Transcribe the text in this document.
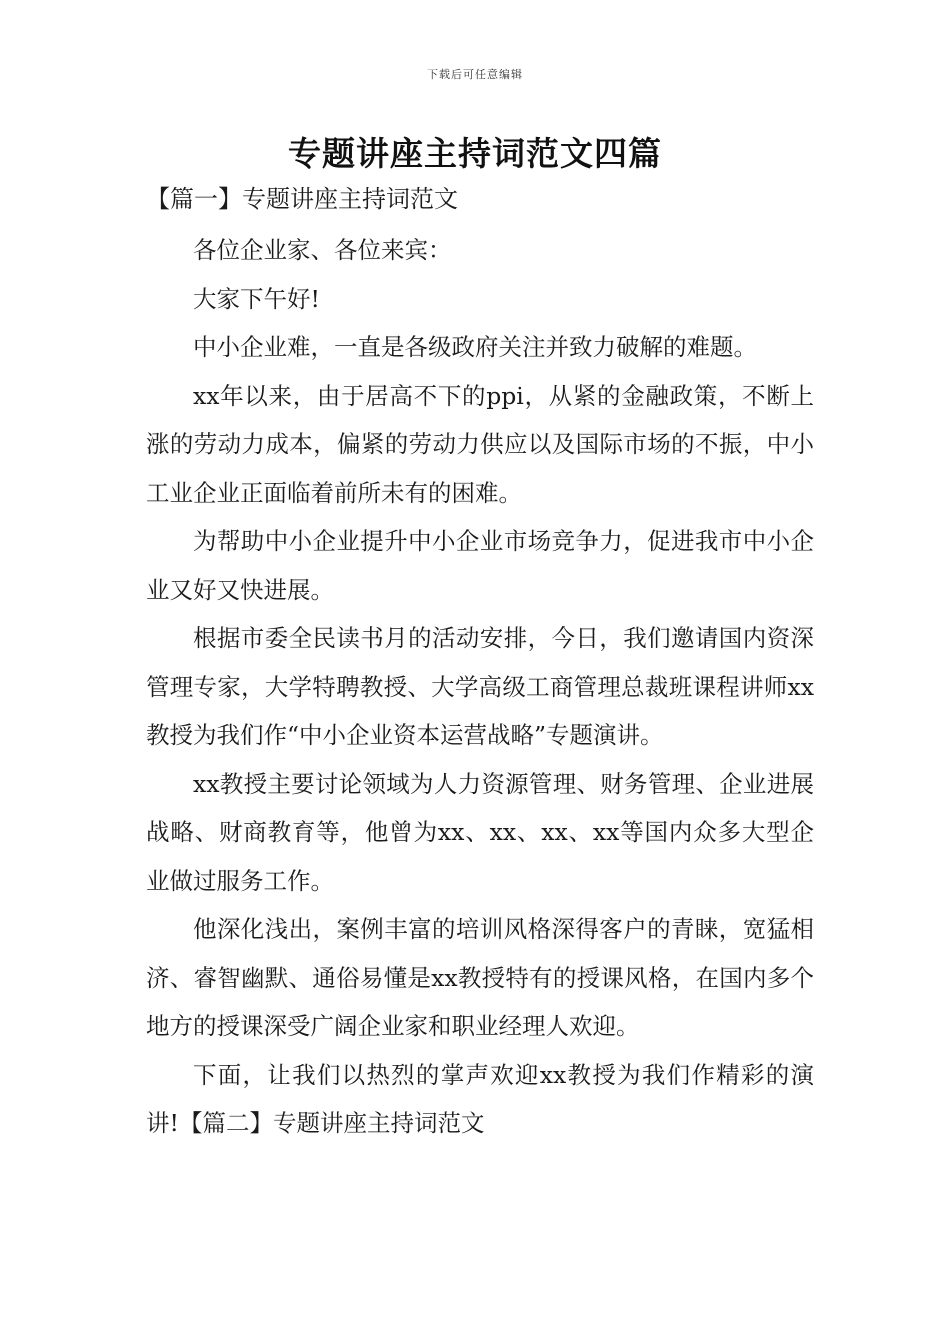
下载后可任意编辑
专题讲座主持词范文四篇
【篇一】专题讲座主持词范文

各位企业家、各位来宾：

大家下午好!

中小企业难，一直是各级政府关注并致力破解的难题。

xx年以来，由于居高不下的ppi，从紧的金融政策，不断上涨的劳动力成本，偏紧的劳动力供应以及国际市场的不振，中小工业企业正面临着前所未有的困难。

为帮助中小企业提升中小企业市场竞争力，促进我市中小企业又好又快进展。

根据市委全民读书月的活动安排，今日，我们邀请国内资深管理专家，大学特聘教授、大学高级工商管理总裁班课程讲师xx教授为我们作“中小企业资本运营战略”专题演讲。

xx教授主要讨论领域为人力资源管理、财务管理、企业进展战略、财商教育等，他曾为xx、xx、xx、xx等国内众多大型企业做过服务工作。

他深化浅出，案例丰富的培训风格深得客户的青睐，宽猛相济、睿智幽默、通俗易懂是xx教授特有的授课风格，在国内多个地方的授课深受广阔企业家和职业经理人欢迎。

下面，让我们以热烈的掌声欢迎xx教授为我们作精彩的演讲!【篇二】专题讲座主持词范文
